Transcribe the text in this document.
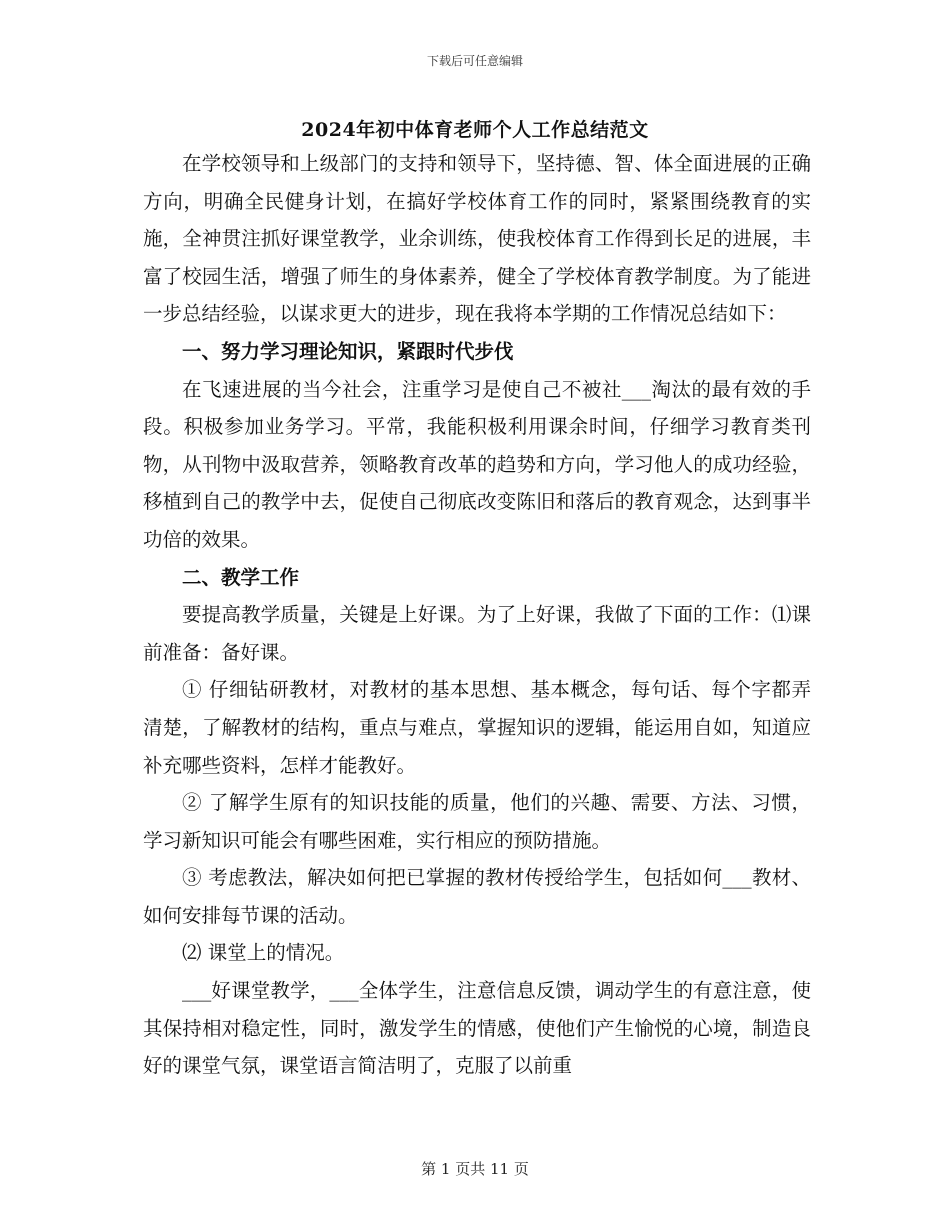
下载后可任意编辑
2024年初中体育老师个人工作总结范文

在学校领导和上级部门的支持和领导下，坚持德、智、体全面进展的正确方向，明确全民健身计划，在搞好学校体育工作的同时，紧紧围绕教育的实施，全神贯注抓好课堂教学，业余训练，使我校体育工作得到长足的进展，丰富了校园生活，增强了师生的身体素养，健全了学校体育教学制度。为了能进一步总结经验，以谋求更大的进步，现在我将本学期的工作情况总结如下：

一、努力学习理论知识，紧跟时代步伐

在飞速进展的当今社会，注重学习是使自己不被社___淘汰的最有效的手段。积极参加业务学习。平常，我能积极利用课余时间，仔细学习教育类刊物，从刊物中汲取营养，领略教育改革的趋势和方向，学习他人的成功经验，移植到自己的教学中去，促使自己彻底改变陈旧和落后的教育观念，达到事半功倍的效果。

二、教学工作

要提高教学质量，关键是上好课。为了上好课，我做了下面的工作：⑴课前准备：备好课。

① 仔细钻研教材，对教材的基本思想、基本概念，每句话、每个字都弄清楚，了解教材的结构，重点与难点，掌握知识的逻辑，能运用自如，知道应补充哪些资料，怎样才能教好。

② 了解学生原有的知识技能的质量，他们的兴趣、需要、方法、习惯，学习新知识可能会有哪些困难，实行相应的预防措施。

③ 考虑教法，解决如何把已掌握的教材传授给学生，包括如何___教材、如何安排每节课的活动。

⑵ 课堂上的情况。

___好课堂教学，___全体学生，注意信息反馈，调动学生的有意注意，使其保持相对稳定性，同时，激发学生的情感，使他们产生愉悦的心境，制造良好的课堂气氛，课堂语言简洁明了，克服了以前重

第 1 页共 11 页
